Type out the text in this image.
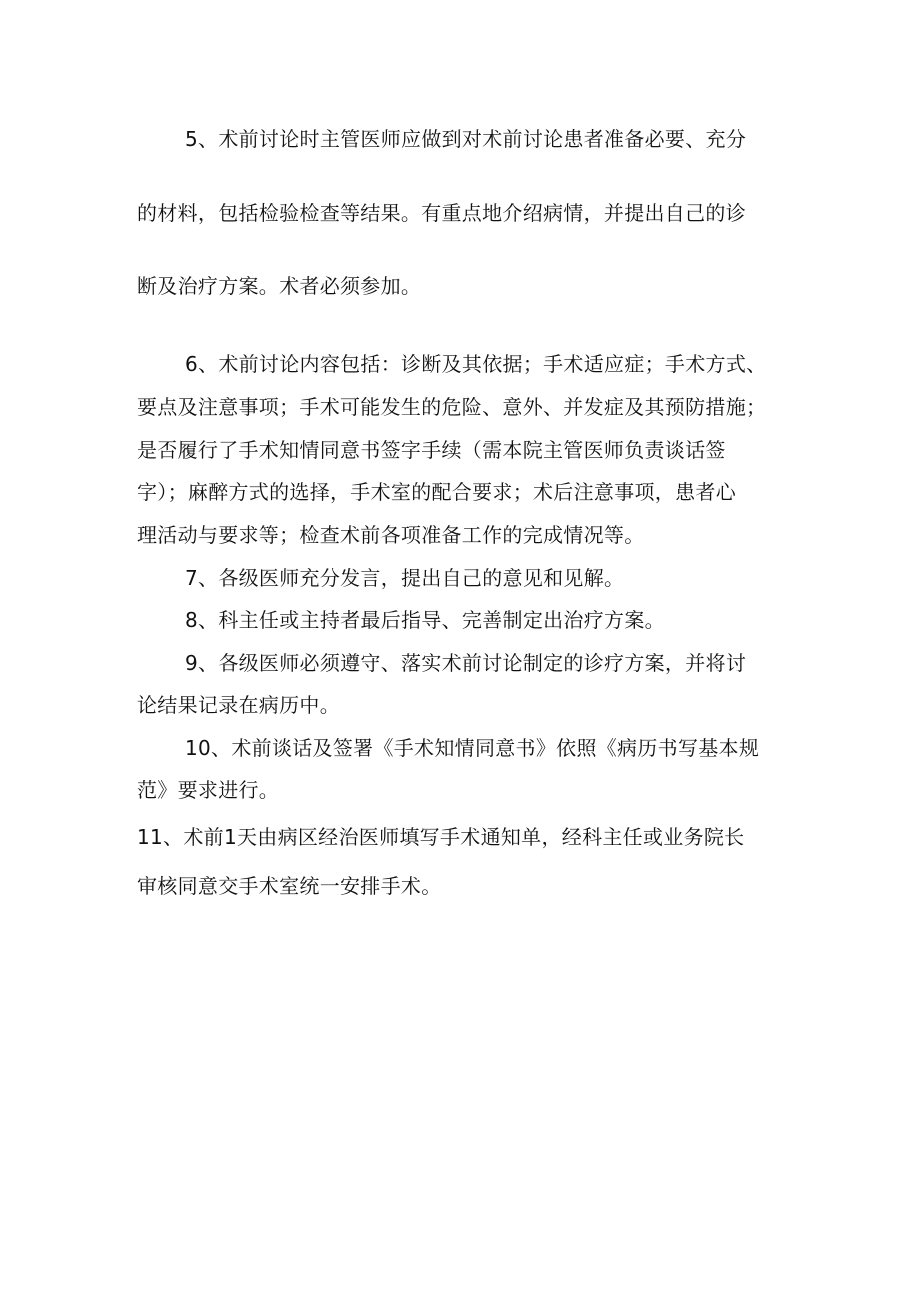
5、术前讨论时主管医师应做到对术前讨论患者准备必要、充分
的材料，包括检验检查等结果。有重点地介绍病情，并提出自己的诊
断及治疗方案。术者必须参加。
6、术前讨论内容包括：诊断及其依据；手术适应症；手术方式、
要点及注意事项；手术可能发生的危险、意外、并发症及其预防措施；
是否履行了手术知情同意书签字手续（需本院主管医师负责谈话签
字）；麻醉方式的选择，手术室的配合要求；术后注意事项，患者心
理活动与要求等；检查术前各项准备工作的完成情况等。
7、各级医师充分发言，提出自己的意见和见解。
8、科主任或主持者最后指导、完善制定出治疗方案。
9、各级医师必须遵守、落实术前讨论制定的诊疗方案，并将讨
论结果记录在病历中。
10、术前谈话及签署《手术知情同意书》依照《病历书写基本规
范》要求进行。
11、术前1天由病区经治医师填写手术通知单，经科主任或业务院长
审核同意交手术室统一安排手术。
